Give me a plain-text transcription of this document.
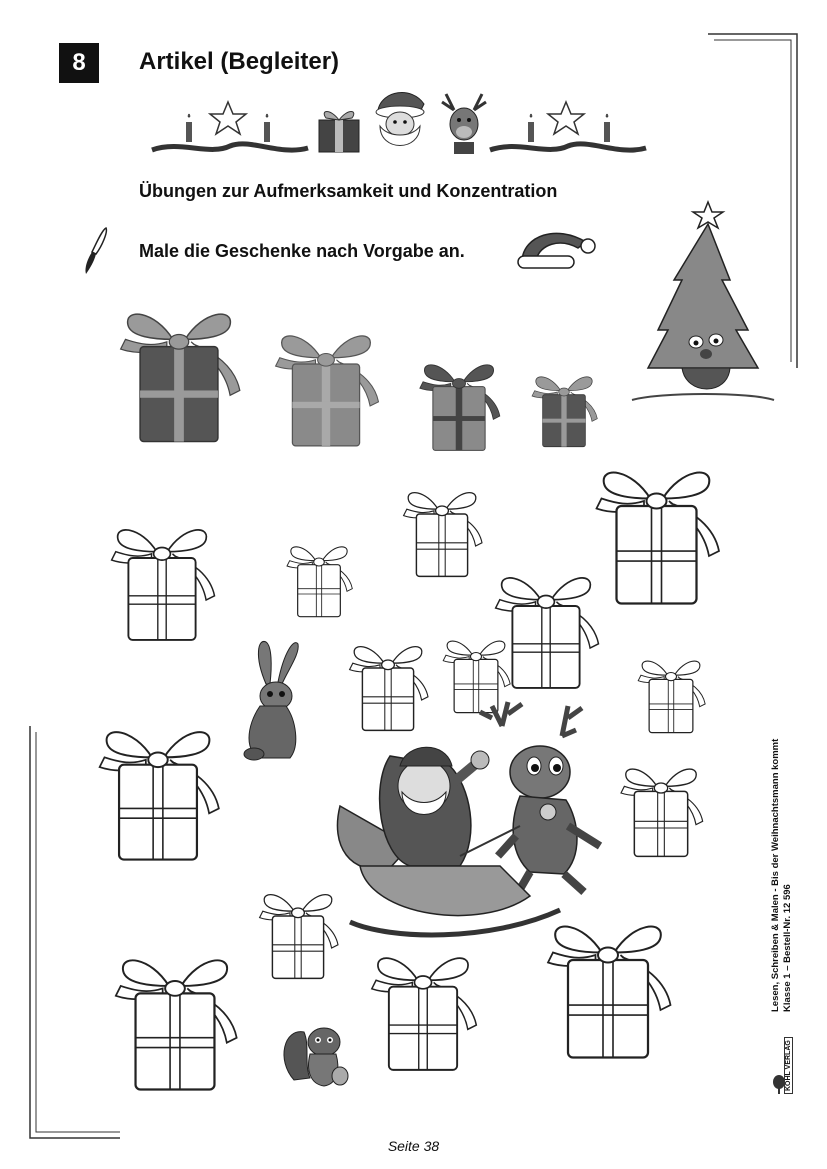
8 Artikel (Begleiter)
Übungen zur Aufmerksamkeit und Konzentration
Male die Geschenke nach Vorgabe an.
Lesen, Schreiben & Malen - Bis der Weihnachtsmann kommt Klasse 1 – Bestell-Nr. 12 596
KOHL VERLAG
Seite 38
